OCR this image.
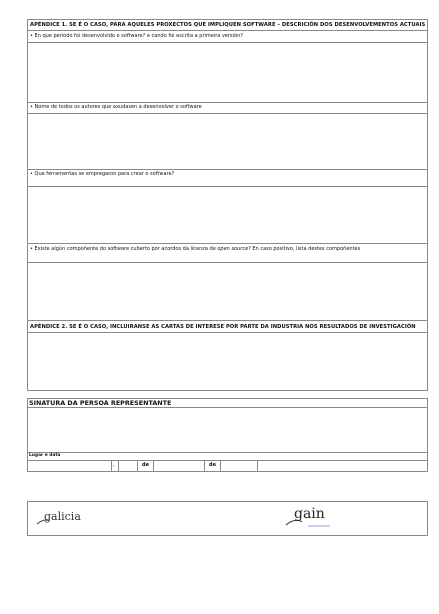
APÉNDICE 1. SE É O CASO, PARA AQUELES PROXECTOS QUE IMPLIQUEN SOFTWARE – DESCRICIÓN DOS DESENVOLVEMENTOS ACTUAIS
• En que período foi desenvolvido o software? e cando foi escrita a primeira versión?
• Nome de todos os autores que axudasen a desenvolver o software
• Que ferramentas se empregaron para crear o software?
• Existe algún compoñente do software cuberto por acordos da licenza de open source? En caso positivo, lista destes compoñentes
APÉNDICE 2. SE É O CASO, INCLUIRANSE AS CARTAS DE INTERESE POR PARTE DA INDUSTRIA NOS RESULTADOS DE INVESTIGACIÓN
SINATURA DA PERSOA REPRESENTANTE
Lugar e data
,	de	de
galicia	gain
